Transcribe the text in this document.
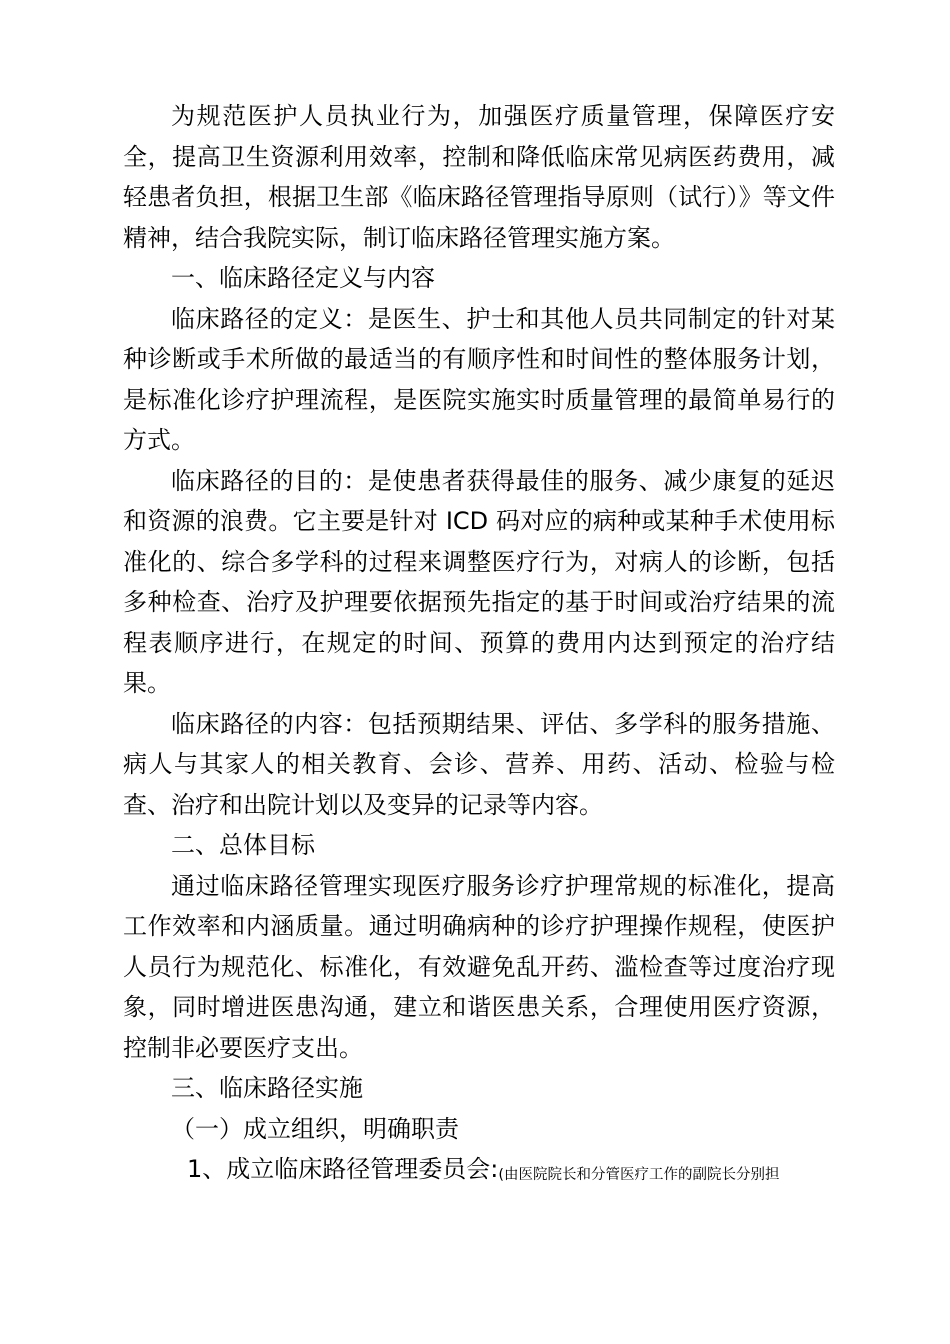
为规范医护人员执业行为，加强医疗质量管理，保障医疗安全，提高卫生资源利用效率，控制和降低临床常见病医药费用，减轻患者负担，根据卫生部《临床路径管理指导原则（试行）》等文件精神，结合我院实际，制订临床路径管理实施方案。

一、临床路径定义与内容

临床路径的定义：是医生、护士和其他人员共同制定的针对某种诊断或手术所做的最适当的有顺序性和时间性的整体服务计划，是标准化诊疗护理流程，是医院实施实时质量管理的最简单易行的方式。

临床路径的目的：是使患者获得最佳的服务、减少康复的延迟和资源的浪费。它主要是针对 ICD 码对应的病种或某种手术使用标准化的、综合多学科的过程来调整医疗行为，对病人的诊断，包括多种检查、治疗及护理要依据预先指定的基于时间或治疗结果的流程表顺序进行，在规定的时间、预算的费用内达到预定的治疗结果。

临床路径的内容：包括预期结果、评估、多学科的服务措施、病人与其家人的相关教育、会诊、营养、用药、活动、检验与检查、治疗和出院计划以及变异的记录等内容。

二、总体目标

通过临床路径管理实现医疗服务诊疗护理常规的标准化，提高工作效率和内涵质量。通过明确病种的诊疗护理操作规程，使医护人员行为规范化、标准化，有效避免乱开药、滥检查等过度治疗现象，同时增进医患沟通，建立和谐医患关系，合理使用医疗资源，控制非必要医疗支出。

三、临床路径实施

（一）成立组织，明确职责

1、成立临床路径管理委员会:(由医院院长和分管医疗工作的副院长分别担
